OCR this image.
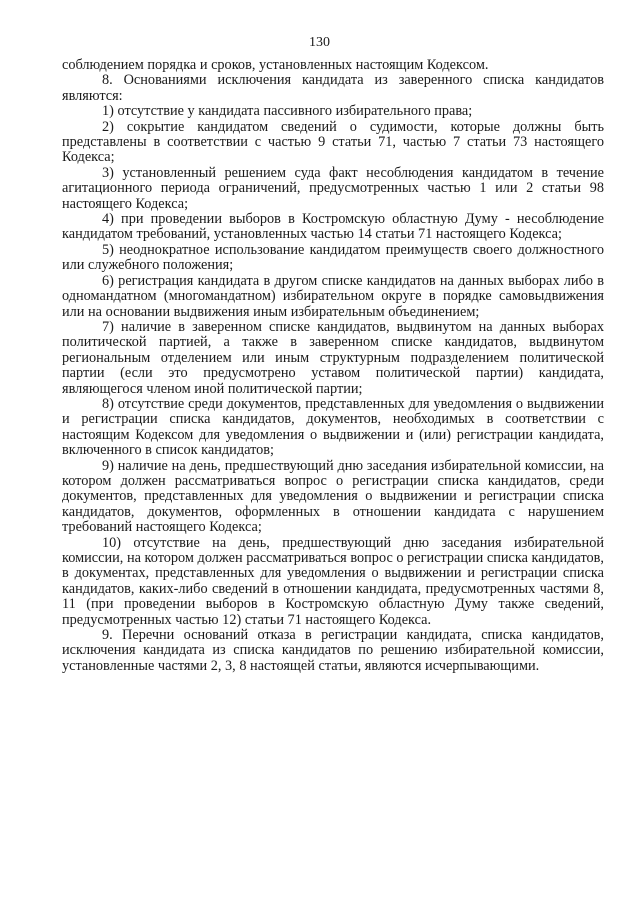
130

соблюдением порядка и сроков, установленных настоящим Кодексом.

8. Основаниями исключения кандидата из заверенного списка кандидатов являются:

1) отсутствие у кандидата пассивного избирательного права;

2) сокрытие кандидатом сведений о судимости, которые должны быть представлены в соответствии с частью 9 статьи 71, частью 7 статьи 73 настоящего Кодекса;

3) установленный решением суда факт несоблюдения кандидатом в течение агитационного периода ограничений, предусмотренных частью 1 или 2 статьи 98 настоящего Кодекса;

4) при проведении выборов в Костромскую областную Думу - несоблюдение кандидатом требований, установленных частью 14 статьи 71 настоящего Кодекса;

5) неоднократное использование кандидатом преимуществ своего должностного или служебного положения;

6) регистрация кандидата в другом списке кандидатов на данных выборах либо в одномандатном (многомандатном) избирательном округе в порядке самовыдвижения или на основании выдвижения иным избирательным объединением;

7) наличие в заверенном списке кандидатов, выдвинутом на данных выборах политической партией, а также в заверенном списке кандидатов, выдвинутом региональным отделением или иным структурным подразделением политической партии (если это предусмотрено уставом политической партии) кандидата, являющегося членом иной политической партии;

8) отсутствие среди документов, представленных для уведомления о выдвижении и регистрации списка кандидатов, документов, необходимых в соответствии с настоящим Кодексом для уведомления о выдвижении и (или) регистрации кандидата, включенного в список кандидатов;

9) наличие на день, предшествующий дню заседания избирательной комиссии, на котором должен рассматриваться вопрос о регистрации списка кандидатов, среди документов, представленных для уведомления о выдвижении и регистрации списка кандидатов, документов, оформленных в отношении кандидата с нарушением требований настоящего Кодекса;

10) отсутствие на день, предшествующий дню заседания избирательной комиссии, на котором должен рассматриваться вопрос о регистрации списка кандидатов, в документах, представленных для уведомления о выдвижении и регистрации списка кандидатов, каких-либо сведений в отношении кандидата, предусмотренных частями 8, 11 (при проведении выборов в Костромскую областную Думу также сведений, предусмотренных частью 12) статьи 71 настоящего Кодекса.

9. Перечни оснований отказа в регистрации кандидата, списка кандидатов, исключения кандидата из списка кандидатов по решению избирательной комиссии, установленные частями 2, 3, 8 настоящей статьи, являются исчерпывающими.
